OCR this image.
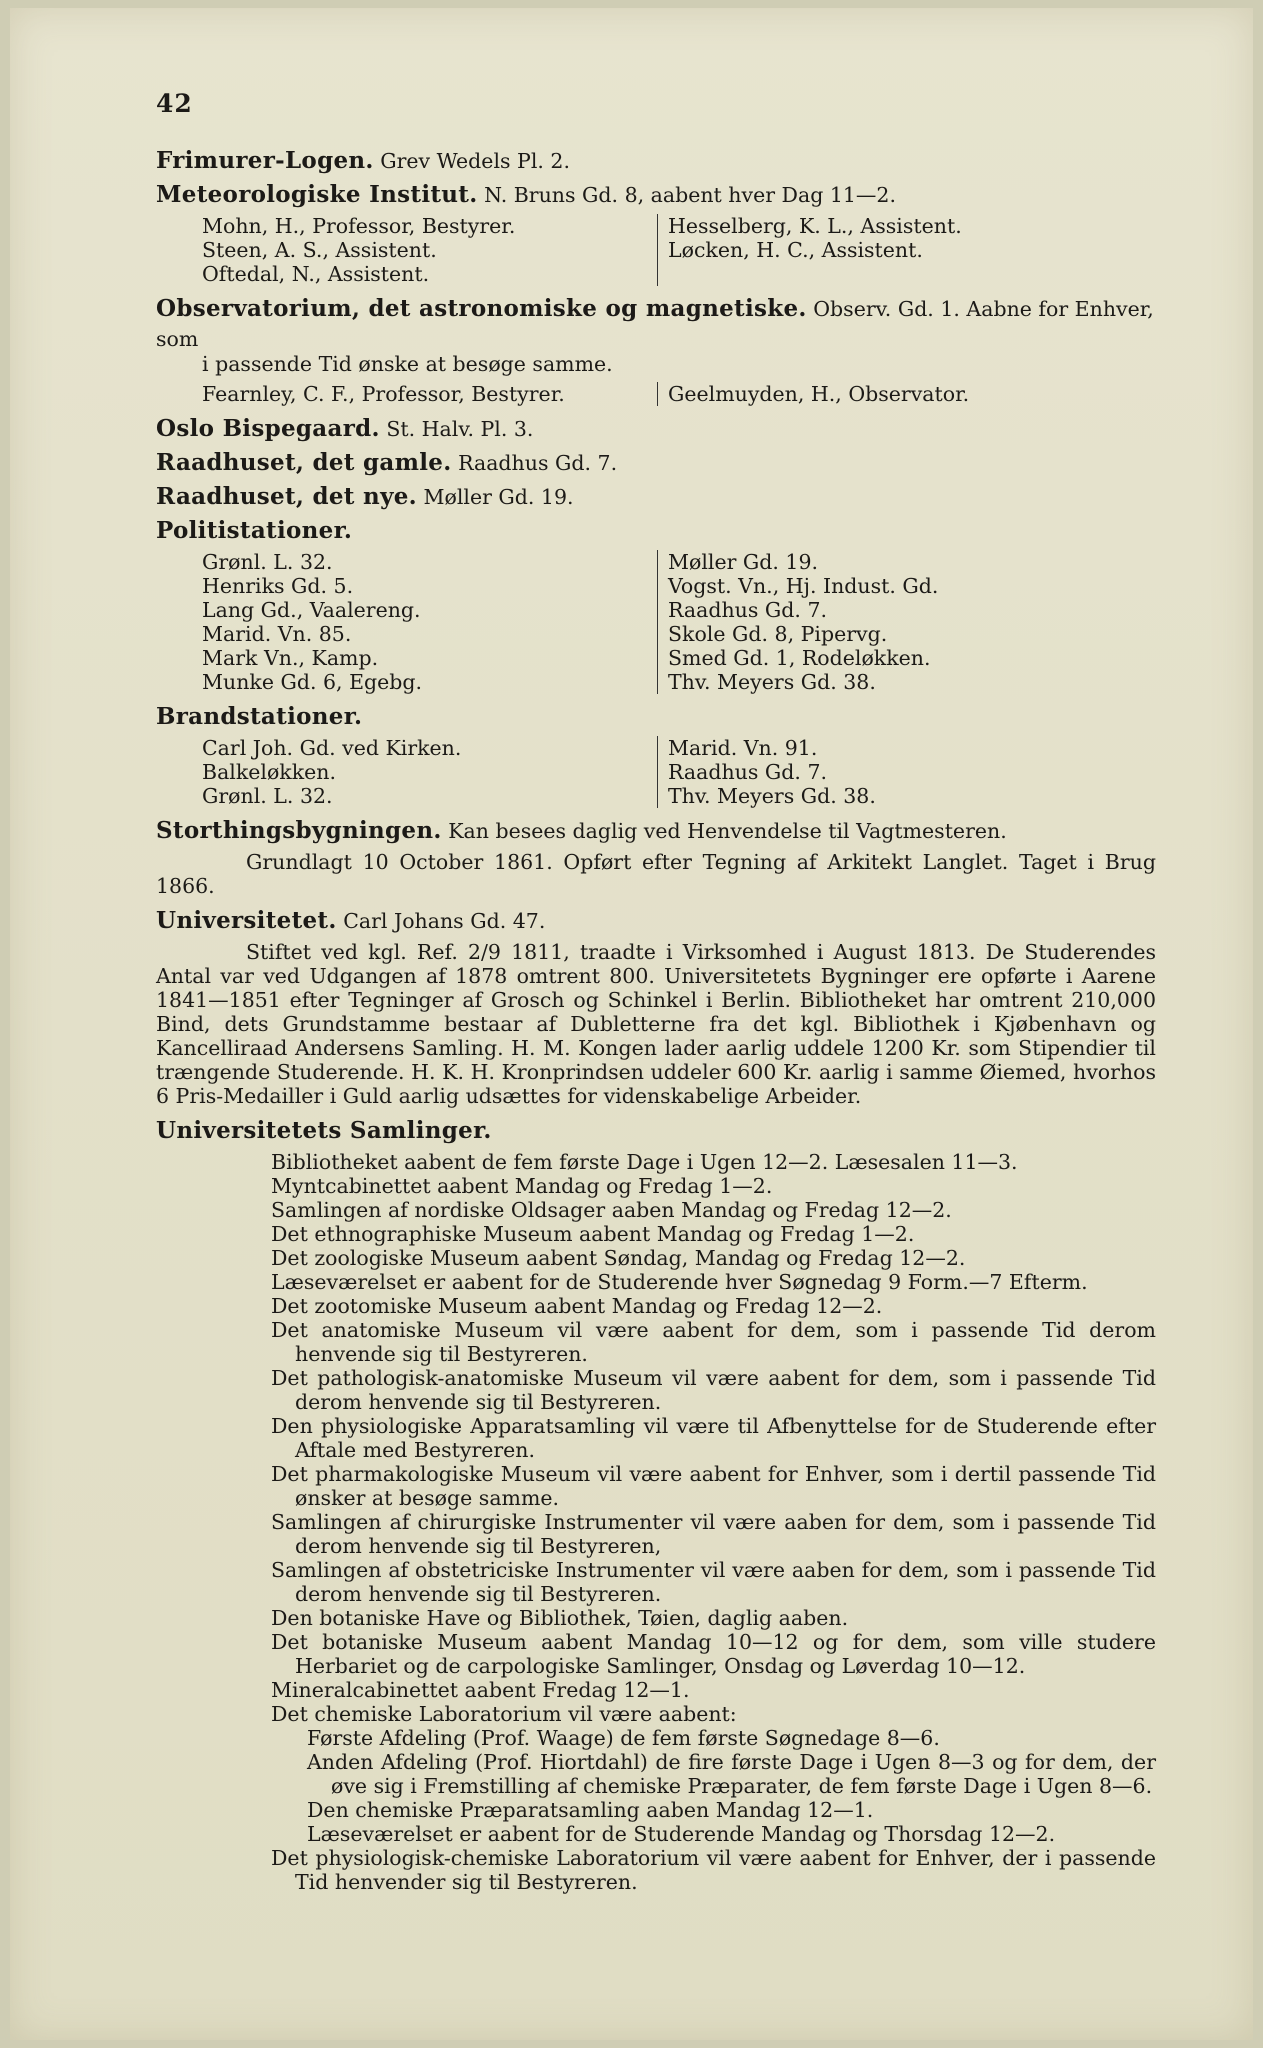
42
Frimurer-Logen. Grev Wedels Pl. 2.
Meteorologiske Institut. N. Bruns Gd. 8, aabent hver Dag 11—2.
Mohn, H., Professor, Bestyrer.
Steen, A. S., Assistent.
Oftedal, N., Assistent.
Hesselberg, K. L., Assistent.
Løcken, H. C., Assistent.
Observatorium, det astronomiske og magnetiske. Observ. Gd. 1. Aabne for Enhver, som
i passende Tid ønske at besøge samme.
Fearnley, C. F., Professor, Bestyrer.	Geelmuyden, H., Observator.
Oslo Bispegaard. St. Halv. Pl. 3.
Raadhuset, det gamle. Raadhus Gd. 7.
Raadhuset, det nye. Møller Gd. 19.
Politistationer.
Grønl. L. 32.
Henriks Gd. 5.
Lang Gd., Vaalereng.
Marid. Vn. 85.
Mark Vn., Kamp.
Munke Gd. 6, Egebg.
Møller Gd. 19.
Vogst. Vn., Hj. Indust. Gd.
Raadhus Gd. 7.
Skole Gd. 8, Pipervg.
Smed Gd. 1, Rodeløkken.
Thv. Meyers Gd. 38.
Brandstationer.
Carl Joh. Gd. ved Kirken.
Balkeløkken.
Grønl. L. 32.
Marid. Vn. 91.
Raadhus Gd. 7.
Thv. Meyers Gd. 38.
Storthingsbygningen. Kan besees daglig ved Henvendelse til Vagtmesteren.
Grundlagt 10 October 1861. Opført efter Tegning af Arkitekt Langlet. Taget i Brug 1866.
Universitetet. Carl Johans Gd. 47.
Stiftet ved kgl. Ref. 2/9 1811, traadte i Virksomhed i August 1813. De Studerendes Antal var ved Udgangen af 1878 omtrent 800. Universitetets Bygninger ere opførte i Aarene 1841—1851 efter Tegninger af Grosch og Schinkel i Berlin. Bibliotheket har omtrent 210,000 Bind, dets Grundstamme bestaar af Dubletterne fra det kgl. Bibliothek i Kjøbenhavn og Kancelliraad Andersens Samling. H. M. Kongen lader aarlig uddele 1200 Kr. som Stipendier til trængende Studerende. H. K. H. Kronprindsen uddeler 600 Kr. aarlig i samme Øiemed, hvorhos 6 Pris-Medailler i Guld aarlig udsættes for videnskabelige Arbeider.
Universitetets Samlinger.
Bibliotheket aabent de fem første Dage i Ugen 12—2. Læsesalen 11—3.
Myntcabinettet aabent Mandag og Fredag 1—2.
Samlingen af nordiske Oldsager aaben Mandag og Fredag 12—2.
Det ethnographiske Museum aabent Mandag og Fredag 1—2.
Det zoologiske Museum aabent Søndag, Mandag og Fredag 12—2.
Læseværelset er aabent for de Studerende hver Søgnedag 9 Form.—7 Efterm.
Det zootomiske Museum aabent Mandag og Fredag 12—2.
Det anatomiske Museum vil være aabent for dem, som i passende Tid derom henvende sig til Bestyreren.
Det pathologisk-anatomiske Museum vil være aabent for dem, som i passende Tid derom henvende sig til Bestyreren.
Den physiologiske Apparatsamling vil være til Afbenyttelse for de Studerende efter Aftale med Bestyreren.
Det pharmakologiske Museum vil være aabent for Enhver, som i dertil passende Tid ønsker at besøge samme.
Samlingen af chirurgiske Instrumenter vil være aaben for dem, som i passende Tid derom henvende sig til Bestyreren,
Samlingen af obstetriciske Instrumenter vil være aaben for dem, som i passende Tid derom henvende sig til Bestyreren.
Den botaniske Have og Bibliothek, Tøien, daglig aaben.
Det botaniske Museum aabent Mandag 10—12 og for dem, som ville studere Herbariet og de carpologiske Samlinger, Onsdag og Løverdag 10—12.
Mineralcabinettet aabent Fredag 12—1.
Det chemiske Laboratorium vil være aabent:
Første Afdeling (Prof. Waage) de fem første Søgnedage 8—6.
Anden Afdeling (Prof. Hiortdahl) de fire første Dage i Ugen 8—3 og for dem, der øve sig i Fremstilling af chemiske Præparater, de fem første Dage i Ugen 8—6.
Den chemiske Præparatsamling aaben Mandag 12—1.
Læseværelset er aabent for de Studerende Mandag og Thorsdag 12—2.
Det physiologisk-chemiske Laboratorium vil være aabent for Enhver, der i passende Tid henvender sig til Bestyreren.
